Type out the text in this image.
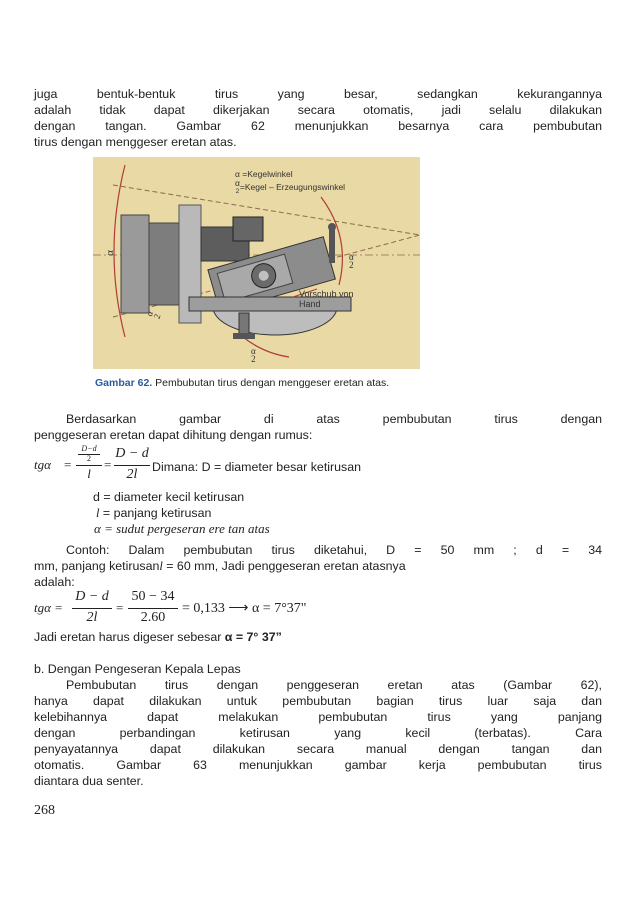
juga bentuk-bentuk tirus yang besar, sedangkan kekurangannya
adalah tidak dapat dikerjakan secara otomatis, jadi selalu dilakukan
dengan tangan. Gambar 62 menunjukkan besarnya cara pembubutan
tirus dengan menggeser eretan atas.
α =Kegelwinkel
α
2=Kegel – Erzeugungswinkel
α
α
2
α
2
α
2
Vorschub von
Hand
Gambar 62. Pembubutan tirus dengan menggeser eretan atas.
Berdasarkan gambar di atas pembubutan tirus dengan
penggeseran eretan dapat dihitung dengan rumus:
tgα =
D−d
2
l
=
D − d
2l	Dimana: D = diameter besar ketirusan
d = diameter kecil ketirusan
l = panjang ketirusan
α = sudut pergeseran ere tan atas
Contoh: Dalam pembubutan tirus diketahui, D = 50 mm ; d = 34
mm, panjang ketirusanl = 60 mm, Jadi penggeseran eretan atasnya
adalah:
tgα =
D − d
2l
=
50 − 34
2.60
= 0,133 ⟶ α = 7°37"
Jadi eretan harus digeser sebesar α = 7° 37”
b. Dengan Pengeseran Kepala Lepas
Pembubutan tirus dengan penggeseran eretan atas (Gambar 62),
hanya dapat dilakukan untuk pembubutan bagian tirus luar saja dan
kelebihannya dapat melakukan pembubutan tirus yang panjang
dengan perbandingan ketirusan yang kecil (terbatas). Cara
penyayatannya dapat dilakukan secara manual dengan tangan dan
otomatis. Gambar 63 menunjukkan gambar kerja pembubutan tirus
diantara dua senter.
268
